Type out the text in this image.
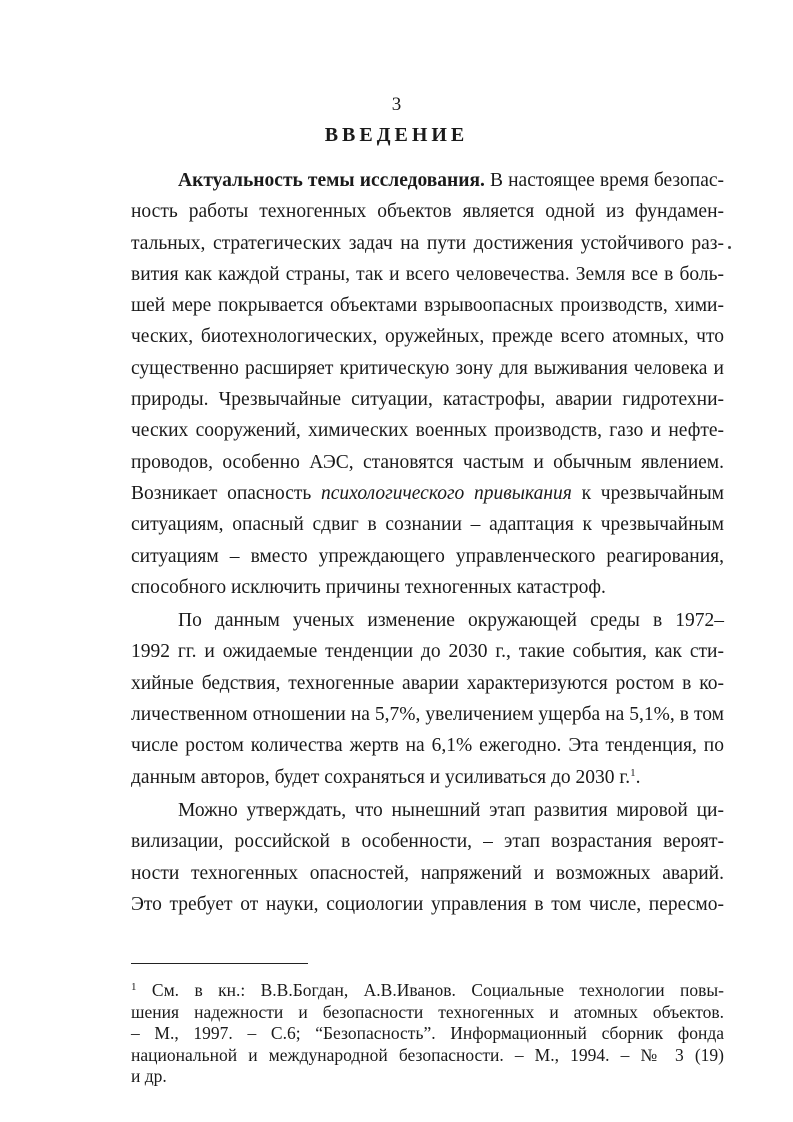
3
ВВЕДЕНИЕ
Актуальность темы исследования. В настоящее время безопас-
ность работы техногенных объектов является одной из фундамен-
тальных, стратегических задач на пути достижения устойчивого раз-
вития как каждой страны, так и всего человечества. Земля все в боль-
шей мере покрывается объектами взрывоопасных производств, хими-
ческих, биотехнологических, оружейных, прежде всего атомных, что
существенно расширяет критическую зону для выживания человека и
природы. Чрезвычайные ситуации, катастрофы, аварии гидротехни-
ческих сооружений, химических военных производств, газо и нефте-
проводов, особенно АЭС, становятся частым и обычным явлением.
Возникает опасность психологического привыкания к чрезвычайным
ситуациям, опасный сдвиг в сознании – адаптация к чрезвычайным
ситуациям – вместо упреждающего управленческого реагирования,
способного исключить причины техногенных катастроф.
По данным ученых изменение окружающей среды в 1972–
1992 гг. и ожидаемые тенденции до 2030 г., такие события, как сти-
хийные бедствия, техногенные аварии характеризуются ростом в ко-
личественном отношении на 5,7%, увеличением ущерба на 5,1%, в том
числе ростом количества жертв на 6,1% ежегодно. Эта тенденция, по
данным авторов, будет сохраняться и усиливаться до 2030 г.$^1$.
Можно утверждать, что нынешний этап развития мировой ци-
вилизации, российской в особенности, – этап возрастания вероят-
ности техногенных опасностей, напряжений и возможных аварий.
Это требует от науки, социологии управления в том числе, пересмо-
$^1$ См. в кн.: В.В.Богдан, А.В.Иванов. Социальные технологии повы-
шения надежности и безопасности техногенных и атомных объектов.
– М., 1997. – С.6; “Безопасность”. Информационный сборник фонда
национальной и международной безопасности. – М., 1994. – № 3 (19)
и др.
